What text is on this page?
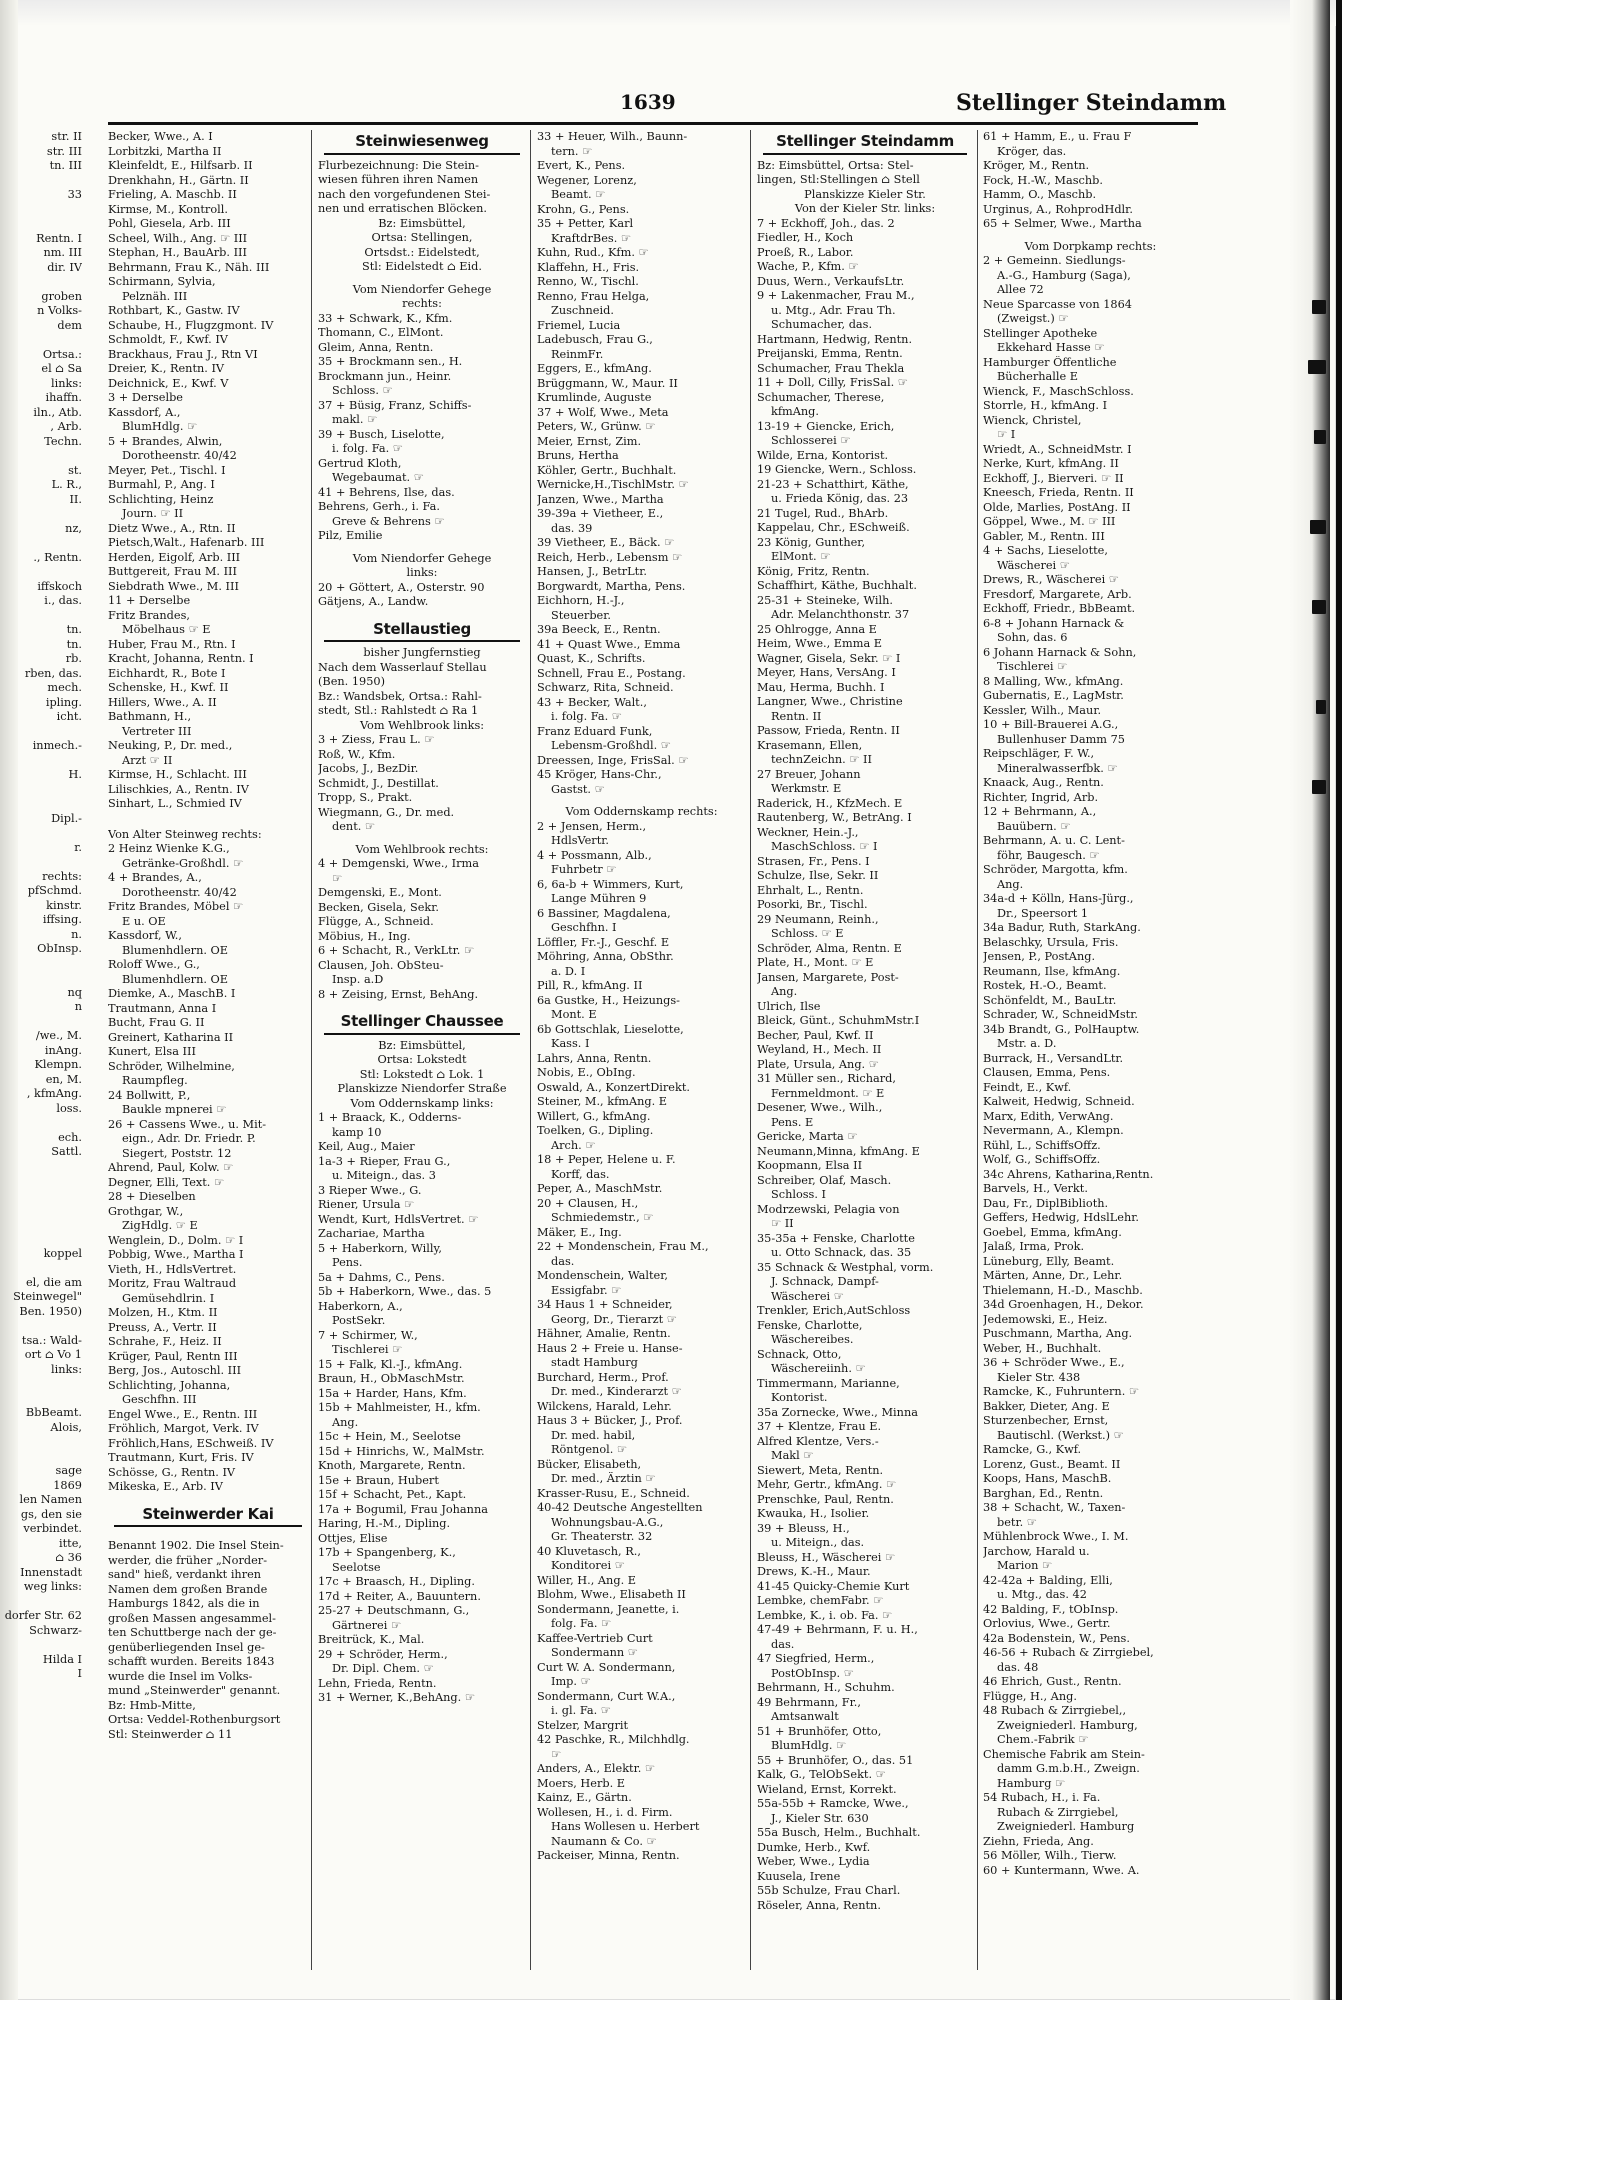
str. II
str. III
tn. III
33
Rentn. I
nm. III
dir. IV
groben
n Volks-
dem
Ortsa.:
el ⌂ Sa
links:
ihaffn.
iln., Atb.
, Arb.
Techn.
st.
L. R.,
II.
nz,
., Rentn.
iffskoch
i., das.
tn.
tn.
rb.
rben, das.
mech.
ipling.
icht.
inmech.-
H.
Dipl.-
r.
rechts:
pfSchmd.
kinstr.
iffsing.
n.
ObInsp.
nq
n
/we., M.
inAng.
Klempn.
en, M.
, kfmAng.
loss.
ech.
Sattl.
koppel
el, die am
Steinwegel"
Ben. 1950)
tsa.: Wald-
ort ⌂ Vo 1
links:
BbBeamt.
Alois,
sage
1869
len Namen
gs, den sie
verbindet.
itte,
⌂ 36
Innenstadt
weg links:
dorfer Str. 62
Schwarz-
Hilda I
I
1639	Stellinger Steindamm
Becker, Wwe., A. I
Lorbitzki, Martha II
Kleinfeldt, E., Hilfsarb. II
Drenkhahn, H., Gärtn. II
Frieling, A. Maschb. II
Kirmse, M., Kontroll.
Pohl, Giesela, Arb. III
Scheel, Wilh., Ang. ☞ III
Stephan, H., BauArb. III
Behrmann, Frau K., Näh. III
Schirmann, Sylvia,
Pelznäh. III
Rothbart, K., Gastw. IV
Schaube, H., Flugzgmont. IV
Schmoldt, F., Kwf. IV
Brackhaus, Frau J., Rtn VI
Dreier, K., Rentn. IV
Deichnick, E., Kwf. V
3 + Derselbe
Kassdorf, A.,
BlumHdlg. ☞
5 + Brandes, Alwin,
Dorotheenstr. 40/42
Meyer, Pet., Tischl. I
Burmahl, P., Ang. I
Schlichting, Heinz
Journ. ☞ II
Dietz Wwe., A., Rtn. II
Pietsch,Walt., Hafenarb. III
Herden, Eigolf, Arb. III
Buttgereit, Frau M. III
Siebdrath Wwe., M. III
11 + Derselbe
Fritz Brandes,
Möbelhaus ☞ E
Huber, Frau M., Rtn. I
Kracht, Johanna, Rentn. I
Eichhardt, R., Bote I
Schenske, H., Kwf. II
Hillers, Wwe., A. II
Bathmann, H.,
Vertreter III
Neuking, P., Dr. med.,
Arzt ☞ II
Kirmse, H., Schlacht. III
Lilischkies, A., Rentn. IV
Sinhart, L., Schmied IV
Von Alter Steinweg rechts:
2 Heinz Wienke K.G.,
Getränke-Großhdl. ☞
4 + Brandes, A.,
Dorotheenstr. 40/42
Fritz Brandes, Möbel ☞
E u. OE
Kassdorf, W.,
Blumenhdlern. OE
Roloff Wwe., G.,
Blumenhdlern. OE
Diemke, A., MaschB. I
Trautmann, Anna I
Bucht, Frau G. II
Greinert, Katharina II
Kunert, Elsa III
Schröder, Wilhelmine,
Raumpfleg.
24 Bollwitt, P.,
Baukle mpnerei ☞
26 + Cassens Wwe., u. Mit-
eign., Adr. Dr. Friedr. P.
Siegert, Poststr. 12
Ahrend, Paul, Kolw. ☞
Degner, Elli, Text. ☞
28 + Dieselben
Grothgar, W.,
ZigHdlg. ☞ E
Wenglein, D., Dolm. ☞ I
Pobbig, Wwe., Martha I
Vieth, H., HdlsVertret.
Moritz, Frau Waltraud
Gemüsehdlrin. I
Molzen, H., Ktm. II
Preuss, A., Vertr. II
Schrahe, F., Heiz. II
Krüger, Paul, Rentn III
Berg, Jos., Autoschl. III
Schlichting, Johanna,
Geschfhn. III
Engel Wwe., E., Rentn. III
Fröhlich, Margot, Verk. IV
Fröhlich,Hans, ESchweiß. IV
Trautmann, Kurt, Fris. IV
Schösse, G., Rentn. IV
Mikeska, E., Arb. IV
Steinwerder Kai
Benannt 1902. Die Insel Stein-
werder, die früher „Norder-
sand" hieß, verdankt ihren
Namen dem großen Brande
Hamburgs 1842, als die in
großen Massen angesammel-
ten Schuttberge nach der ge-
genüberliegenden Insel ge-
schafft wurden. Bereits 1843
wurde die Insel im Volks-
mund „Steinwerder" genannt.
Bz: Hmb-Mitte,
Ortsa: Veddel-Rothenburgsort
Stl: Steinwerder ⌂ 11
Steinwiesenweg
Flurbezeichnung: Die Stein-
wiesen führen ihren Namen
nach den vorgefundenen Stei-
nen und erratischen Blöcken.
Bz: Eimsbüttel,
Ortsa: Stellingen,
Ortsdst.: Eidelstedt,
Stl: Eidelstedt ⌂ Eid.
Vom Niendorfer Gehege
rechts:
33 + Schwark, K., Kfm.
Thomann, C., ElMont.
Gleim, Anna, Rentn.
35 + Brockmann sen., H.
Brockmann jun., Heinr.
Schloss. ☞
37 + Büsig, Franz, Schiffs-
makl. ☞
39 + Busch, Liselotte,
i. folg. Fa. ☞
Gertrud Kloth,
Wegebaumat. ☞
41 + Behrens, Ilse, das.
Behrens, Gerh., i. Fa.
Greve & Behrens ☞
Pilz, Emilie
Vom Niendorfer Gehege
links:
20 + Göttert, A., Osterstr. 90
Gätjens, A., Landw.
Stellaustieg
bisher Jungfernstieg
Nach dem Wasserlauf Stellau
(Ben. 1950)
Bz.: Wandsbek, Ortsa.: Rahl-
stedt, Stl.: Rahlstedt ⌂ Ra 1
Vom Wehlbrook links:
3 + Ziess, Frau L. ☞
Roß, W., Kfm.
Jacobs, J., BezDir.
Schmidt, J., Destillat.
Tropp, S., Prakt.
Wiegmann, G., Dr. med.
dent. ☞
Vom Wehlbrook rechts:
4 + Demgenski, Wwe., Irma
☞
Demgenski, E., Mont.
Becken, Gisela, Sekr.
Flügge, A., Schneid.
Möbius, H., Ing.
6 + Schacht, R., VerkLtr. ☞
Clausen, Joh. ObSteu-
Insp. a.D
8 + Zeising, Ernst, BehAng.
Stellinger Chaussee
Bz: Eimsbüttel,
Ortsa: Lokstedt
Stl: Lokstedt ⌂ Lok. 1
Planskizze Niendorfer Straße
Vom Oddernskamp links:
1 + Braack, K., Odderns-
kamp 10
Keil, Aug., Maier
1a-3 + Rieper, Frau G.,
u. Miteign., das. 3
3 Rieper Wwe., G.
Riener, Ursula ☞
Wendt, Kurt, HdlsVertret. ☞
Zachariae, Martha
5 + Haberkorn, Willy,
Pens.
5a + Dahms, C., Pens.
5b + Haberkorn, Wwe., das. 5
Haberkorn, A.,
PostSekr.
7 + Schirmer, W.,
Tischlerei ☞
15 + Falk, Kl.-J., kfmAng.
Braun, H., ObMaschMstr.
15a + Harder, Hans, Kfm.
15b + Mahlmeister, H., kfm.
Ang.
15c + Hein, M., Seelotse
15d + Hinrichs, W., MalMstr.
Knoth, Margarete, Rentn.
15e + Braun, Hubert
15f + Schacht, Pet., Kapt.
17a + Bogumil, Frau Johanna
Haring, H.-M., Dipling.
Ottjes, Elise
17b + Spangenberg, K.,
Seelotse
17c + Braasch, H., Dipling.
17d + Reiter, A., Bauuntern.
25-27 + Deutschmann, G.,
Gärtnerei ☞
Breitrück, K., Mal.
29 + Schröder, Herm.,
Dr. Dipl. Chem. ☞
Lehn, Frieda, Rentn.
31 + Werner, K.,BehAng. ☞
33 + Heuer, Wilh., Baunn-
tern. ☞
Evert, K., Pens.
Wegener, Lorenz,
Beamt. ☞
Krohn, G., Pens.
35 + Petter, Karl
KraftdrBes. ☞
Kuhn, Rud., Kfm. ☞
Klaffehn, H., Fris.
Renno, W., Tischl.
Renno, Frau Helga,
Zuschneid.
Friemel, Lucia
Ladebusch, Frau G.,
ReinmFr.
Eggers, E., kfmAng.
Brüggmann, W., Maur. II
Krumlinde, Auguste
37 + Wolf, Wwe., Meta
Peters, W., Grünw. ☞
Meier, Ernst, Zim.
Bruns, Hertha
Köhler, Gertr., Buchhalt.
Wernicke,H.,TischlMstr. ☞
Janzen, Wwe., Martha
39-39a + Vietheer, E.,
das. 39
39 Vietheer, E., Bäck. ☞
Reich, Herb., Lebensm ☞
Hansen, J., BetrLtr.
Borgwardt, Martha, Pens.
Eichhorn, H.-J.,
Steuerber.
39a Beeck, E., Rentn.
41 + Quast Wwe., Emma
Quast, K., Schrifts.
Schnell, Frau E., Postang.
Schwarz, Rita, Schneid.
43 + Becker, Walt.,
i. folg. Fa. ☞
Franz Eduard Funk,
Lebensm-Großhdl. ☞
Dreessen, Inge, FrisSal. ☞
45 Kröger, Hans-Chr.,
Gastst. ☞
Vom Oddernskamp rechts:
2 + Jensen, Herm.,
HdlsVertr.
4 + Possmann, Alb.,
Fuhrbetr ☞
6, 6a-b + Wimmers, Kurt,
Lange Mühren 9
6 Bassiner, Magdalena,
Geschfhn. I
Löffler, Fr.-J., Geschf. E
Möhring, Anna, ObSthr.
a. D. I
Pill, R., kfmAng. II
6a Gustke, H., Heizungs-
Mont. E
6b Gottschlak, Lieselotte,
Kass. I
Lahrs, Anna, Rentn.
Nobis, E., ObIng.
Oswald, A., KonzertDirekt.
Steiner, M., kfmAng. E
Willert, G., kfmAng.
Toelken, G., Dipling.
Arch. ☞
18 + Peper, Helene u. F.
Korff, das.
Peper, A., MaschMstr.
20 + Clausen, H.,
Schmiedemstr., ☞
Mäker, E., Ing.
22 + Mondenschein, Frau M.,
das.
Mondenschein, Walter,
Essigfabr. ☞
34 Haus 1 + Schneider,
Georg, Dr., Tierarzt ☞
Hähner, Amalie, Rentn.
Haus 2 + Freie u. Hanse-
stadt Hamburg
Burchard, Herm., Prof.
Dr. med., Kinderarzt ☞
Wilckens, Harald, Lehr.
Haus 3 + Bücker, J., Prof.
Dr. med. habil,
Röntgenol. ☞
Bücker, Elisabeth,
Dr. med., Ärztin ☞
Krasser-Rusu, E., Schneid.
40-42 Deutsche Angestellten
Wohnungsbau-A.G.,
Gr. Theaterstr. 32
40 Kluvetasch, R.,
Konditorei ☞
Willer, H., Ang. E
Blohm, Wwe., Elisabeth II
Sondermann, Jeanette, i.
folg. Fa. ☞
Kaffee-Vertrieb Curt
Sondermann ☞
Curt W. A. Sondermann,
Imp. ☞
Sondermann, Curt W.A.,
i. gl. Fa. ☞
Stelzer, Margrit
42 Paschke, R., Milchhdlg.
☞
Anders, A., Elektr. ☞
Moers, Herb. E
Kainz, E., Gärtn.
Wollesen, H., i. d. Firm.
Hans Wollesen u. Herbert
Naumann & Co. ☞
Packeiser, Minna, Rentn.
Stellinger Steindamm
Bz: Eimsbüttel, Ortsa: Stel-
lingen, Stl:Stellingen ⌂ Stell
Planskizze Kieler Str.
Von der Kieler Str. links:
7 + Eckhoff, Joh., das. 2
Fiedler, H., Koch
Proeß, R., Labor.
Wache, P., Kfm. ☞
Duus, Wern., VerkaufsLtr.
9 + Lakenmacher, Frau M.,
u. Mtg., Adr. Frau Th.
Schumacher, das.
Hartmann, Hedwig, Rentn.
Preijanski, Emma, Rentn.
Schumacher, Frau Thekla
11 + Doll, Cilly, FrisSal. ☞
Schumacher, Therese,
kfmAng.
13-19 + Giencke, Erich,
Schlosserei ☞
Wilde, Erna, Kontorist.
19 Giencke, Wern., Schloss.
21-23 + Schatthirt, Käthe,
u. Frieda König, das. 23
21 Tugel, Rud., BhArb.
Kappelau, Chr., ESchweiß.
23 König, Gunther,
ElMont. ☞
König, Fritz, Rentn.
Schaffhirt, Käthe, Buchhalt.
25-31 + Steineke, Wilh.
Adr. Melanchthonstr. 37
25 Ohlrogge, Anna E
Heim, Wwe., Emma E
Wagner, Gisela, Sekr. ☞ I
Meyer, Hans, VersAng. I
Mau, Herma, Buchh. I
Langner, Wwe., Christine
Rentn. II
Passow, Frieda, Rentn. II
Krasemann, Ellen,
technZeichn. ☞ II
27 Breuer, Johann
Werkmstr. E
Raderick, H., KfzMech. E
Rautenberg, W., BetrAng. I
Weckner, Hein.-J.,
MaschSchloss. ☞ I
Strasen, Fr., Pens. I
Schulze, Ilse, Sekr. II
Ehrhalt, L., Rentn.
Posorki, Br., Tischl.
29 Neumann, Reinh.,
Schloss. ☞ E
Schröder, Alma, Rentn. E
Plate, H., Mont. ☞ E
Jansen, Margarete, Post-
Ang.
Ulrich, Ilse
Bleick, Günt., SchuhmMstr.I
Becher, Paul, Kwf. II
Weyland, H., Mech. II
Plate, Ursula, Ang. ☞
31 Müller sen., Richard,
Fernmeldmont. ☞ E
Desener, Wwe., Wilh.,
Pens. E
Gericke, Marta ☞
Neumann,Minna, kfmAng. E
Koopmann, Elsa II
Schreiber, Olaf, Masch.
Schloss. I
Modrzewski, Pelagia von
☞ II
35-35a + Fenske, Charlotte
u. Otto Schnack, das. 35
35 Schnack & Westphal, vorm.
J. Schnack, Dampf-
Wäscherei ☞
Trenkler, Erich,AutSchloss
Fenske, Charlotte,
Wäschereibes.
Schnack, Otto,
Wäschereiinh. ☞
Timmermann, Marianne,
Kontorist.
35a Zornecke, Wwe., Minna
37 + Klentze, Frau E.
Alfred Klentze, Vers.-
Makl ☞
Siewert, Meta, Rentn.
Mehr, Gertr., kfmAng. ☞
Prenschke, Paul, Rentn.
Kwauka, H., Isolier.
39 + Bleuss, H.,
u. Miteign., das.
Bleuss, H., Wäscherei ☞
Drews, K.-H., Maur.
41-45 Quicky-Chemie Kurt
Lembke, chemFabr. ☞
Lembke, K., i. ob. Fa. ☞
47-49 + Behrmann, F. u. H.,
das.
47 Siegfried, Herm.,
PostObInsp. ☞
Behrmann, H., Schuhm.
49 Behrmann, Fr.,
Amtsanwalt
51 + Brunhöfer, Otto,
BlumHdlg. ☞
55 + Brunhöfer, O., das. 51
Kalk, G., TelObSekt. ☞
Wieland, Ernst, Korrekt.
55a-55b + Ramcke, Wwe.,
J., Kieler Str. 630
55a Busch, Helm., Buchhalt.
Dumke, Herb., Kwf.
Weber, Wwe., Lydia
Kuusela, Irene
55b Schulze, Frau Charl.
Röseler, Anna, Rentn.
61 + Hamm, E., u. Frau F
Kröger, das.
Kröger, M., Rentn.
Fock, H.-W., Maschb.
Hamm, O., Maschb.
Urginus, A., RohprodHdlr.
65 + Selmer, Wwe., Martha
Vom Dorpkamp rechts:
2 + Gemeinn. Siedlungs-
A.-G., Hamburg (Saga),
Allee 72
Neue Sparcasse von 1864
(Zweigst.) ☞
Stellinger Apotheke
Ekkehard Hasse ☞
Hamburger Öffentliche
Bücherhalle E
Wienck, F., MaschSchloss.
Storrle, H., kfmAng. I
Wienck, Christel,
☞ I
Wriedt, A., SchneidMstr. I
Nerke, Kurt, kfmAng. II
Eckhoff, J., Bierveri. ☞ II
Kneesch, Frieda, Rentn. II
Olde, Marlies, PostAng. II
Göppel, Wwe., M. ☞ III
Gabler, M., Rentn. III
4 + Sachs, Lieselotte,
Wäscherei ☞
Drews, R., Wäscherei ☞
Fresdorf, Margarete, Arb.
Eckhoff, Friedr., BbBeamt.
6-8 + Johann Harnack &
Sohn, das. 6
6 Johann Harnack & Sohn,
Tischlerei ☞
8 Malling, Ww., kfmAng.
Gubernatis, E., LagMstr.
Kessler, Wilh., Maur.
10 + Bill-Brauerei A.G.,
Bullenhuser Damm 75
Reipschläger, F. W.,
Mineralwasserfbk. ☞
Knaack, Aug., Rentn.
Richter, Ingrid, Arb.
12 + Behrmann, A.,
Bauübern. ☞
Behrmann, A. u. C. Lent-
föhr, Baugesch. ☞
Schröder, Margotta, kfm.
Ang.
34a-d + Kölln, Hans-Jürg.,
Dr., Speersort 1
34a Badur, Ruth, StarkAng.
Belaschky, Ursula, Fris.
Jensen, P., PostAng.
Reumann, Ilse, kfmAng.
Rostek, H.-O., Beamt.
Schönfeldt, M., BauLtr.
Schrader, W., SchneidMstr.
34b Brandt, G., PolHauptw.
Mstr. a. D.
Burrack, H., VersandLtr.
Clausen, Emma, Pens.
Feindt, E., Kwf.
Kalweit, Hedwig, Schneid.
Marx, Edith, VerwAng.
Nevermann, A., Klempn.
Rühl, L., SchiffsOffz.
Wolf, G., SchiffsOffz.
34c Ahrens, Katharina,Rentn.
Barvels, H., Verkt.
Dau, Fr., DiplBiblioth.
Geffers, Hedwig, HdslLehr.
Goebel, Emma, kfmAng.
Jalaß, Irma, Prok.
Lüneburg, Elly, Beamt.
Märten, Anne, Dr., Lehr.
Thielemann, H.-D., Maschb.
34d Groenhagen, H., Dekor.
Jedemowski, E., Heiz.
Puschmann, Martha, Ang.
Weber, H., Buchhalt.
36 + Schröder Wwe., E.,
Kieler Str. 438
Ramcke, K., Fuhruntern. ☞
Bakker, Dieter, Ang. E
Sturzenbecher, Ernst,
Bautischl. (Werkst.) ☞
Ramcke, G., Kwf.
Lorenz, Gust., Beamt. II
Koops, Hans, MaschB.
Barghan, Ed., Rentn.
38 + Schacht, W., Taxen-
betr. ☞
Mühlenbrock Wwe., I. M.
Jarchow, Harald u.
Marion ☞
42-42a + Balding, Elli,
u. Mtg., das. 42
42 Balding, F., tObInsp.
Orlovius, Wwe., Gertr.
42a Bodenstein, W., Pens.
46-56 + Rubach & Zirrgiebel,
das. 48
46 Ehrich, Gust., Rentn.
Flügge, H., Ang.
48 Rubach & Zirrgiebel,,
Zweigniederl. Hamburg,
Chem.-Fabrik ☞
Chemische Fabrik am Stein-
damm G.m.b.H., Zweign.
Hamburg ☞
54 Rubach, H., i. Fa.
Rubach & Zirrgiebel,
Zweigniederl. Hamburg
Ziehn, Frieda, Ang.
56 Möller, Wilh., Tierw.
60 + Kuntermann, Wwe. A.
